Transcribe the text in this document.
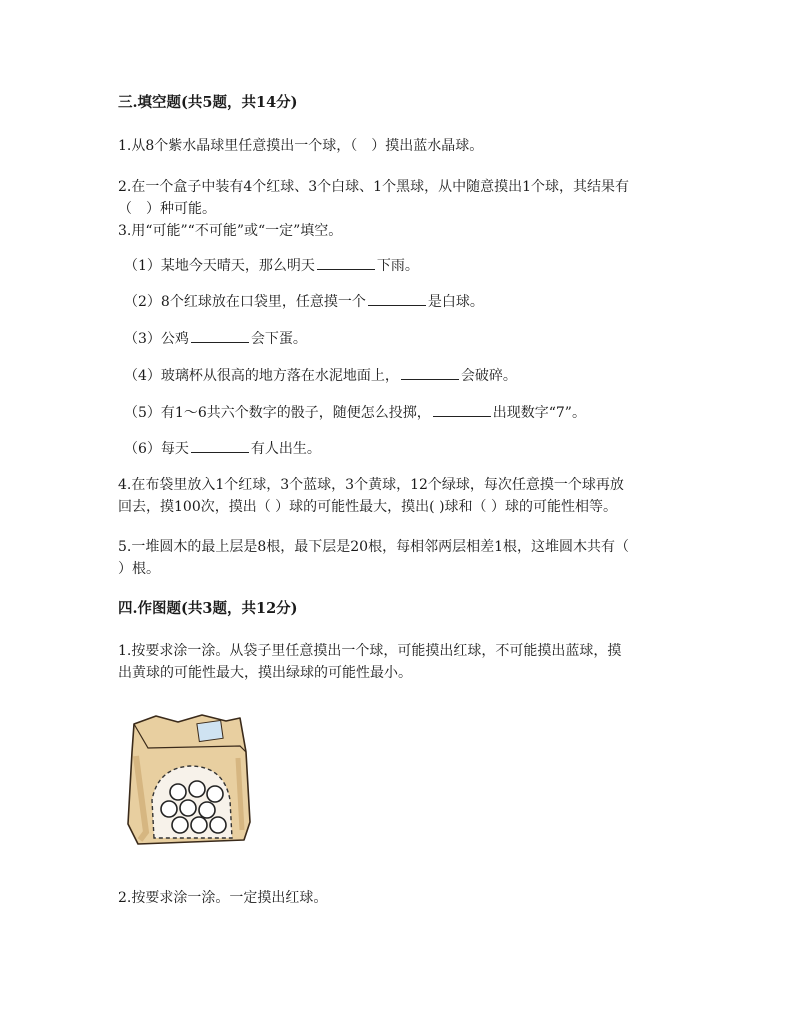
三.填空题(共5题，共14分)
1.从8个紫水晶球里任意摸出一个球，（　）摸出蓝水晶球。
2.在一个盒子中装有4个红球、3个白球、1个黑球，从中随意摸出1个球，其结果有
（　）种可能。
3.用“可能”“不可能”或“一定”填空。
（1）某地今天晴天，那么明天	下雨。
（2）8个红球放在口袋里，任意摸一个	是白球。
（3）公鸡	会下蛋。
（4）玻璃杯从很高的地方落在水泥地面上，	会破碎。
（5）有1～6共六个数字的骰子，随便怎么投掷，	出现数字“7”。
（6）每天	有人出生。
4.在布袋里放入1个红球，3个蓝球，3个黄球，12个绿球，每次任意摸一个球再放
回去，摸100次，摸出（ ）球的可能性最大，摸出( )球和（ ）球的可能性相等。
5.一堆圆木的最上层是8根，最下层是20根，每相邻两层相差1根，这堆圆木共有（
）根。
四.作图题(共3题，共12分)
1.按要求涂一涂。从袋子里任意摸出一个球，可能摸出红球，不可能摸出蓝球，摸
出黄球的可能性最大，摸出绿球的可能性最小。
2.按要求涂一涂。一定摸出红球。
